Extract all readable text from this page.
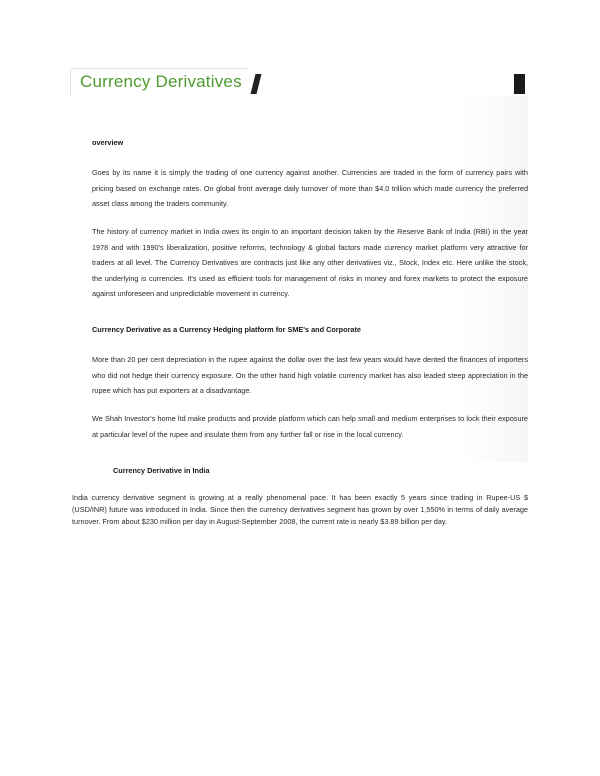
Currency Derivatives
overview

Goes by its name it is simply the trading of one currency against another. Currencies are traded in the form of currency pairs with pricing based on exchange rates. On global front average daily turnover of more than $4.0 trillion which made currency the preferred asset class among the traders community.

The history of currency market in India owes its origin to an important decision taken by the Reserve Bank of India (RBI) in the year 1978 and with 1990's liberalization, positive reforms, technology & global factors made currency market platform very attractive for traders at all level. The Currency Derivatives are contracts just like any other derivatives viz., Stock, Index etc. Here unlike the stock, the underlying is currencies. It's used as efficient tools for management of risks in money and forex markets to protect the exposure against unforeseen and unpredictable movement in currency.

Currency Derivative as a Currency Hedging platform for SME's and Corporate

More than 20 per cent depreciation in the rupee against the dollar over the last few years would have dented the finances of importers who did not hedge their currency exposure. On the other hand high volatile currency market has also leaded steep appreciation in the rupee which has put exporters at a disadvantage.

We Shah Investor's home ltd make products and provide platform which can help small and medium enterprises to lock their exposure at particular level of the rupee and insulate them from any further fall or rise in the local currency.

Currency Derivative in India

India currency derivative segment is growing at a really phenomenal pace. It has been exactly 5 years since trading in Rupee-US $ (USD/INR) future was introduced in India. Since then the currency derivatives segment has grown by over 1,550% in terms of daily average turnover. From about $230 million per day in August-September 2008, the current rate is nearly $3.89 billion per day.
